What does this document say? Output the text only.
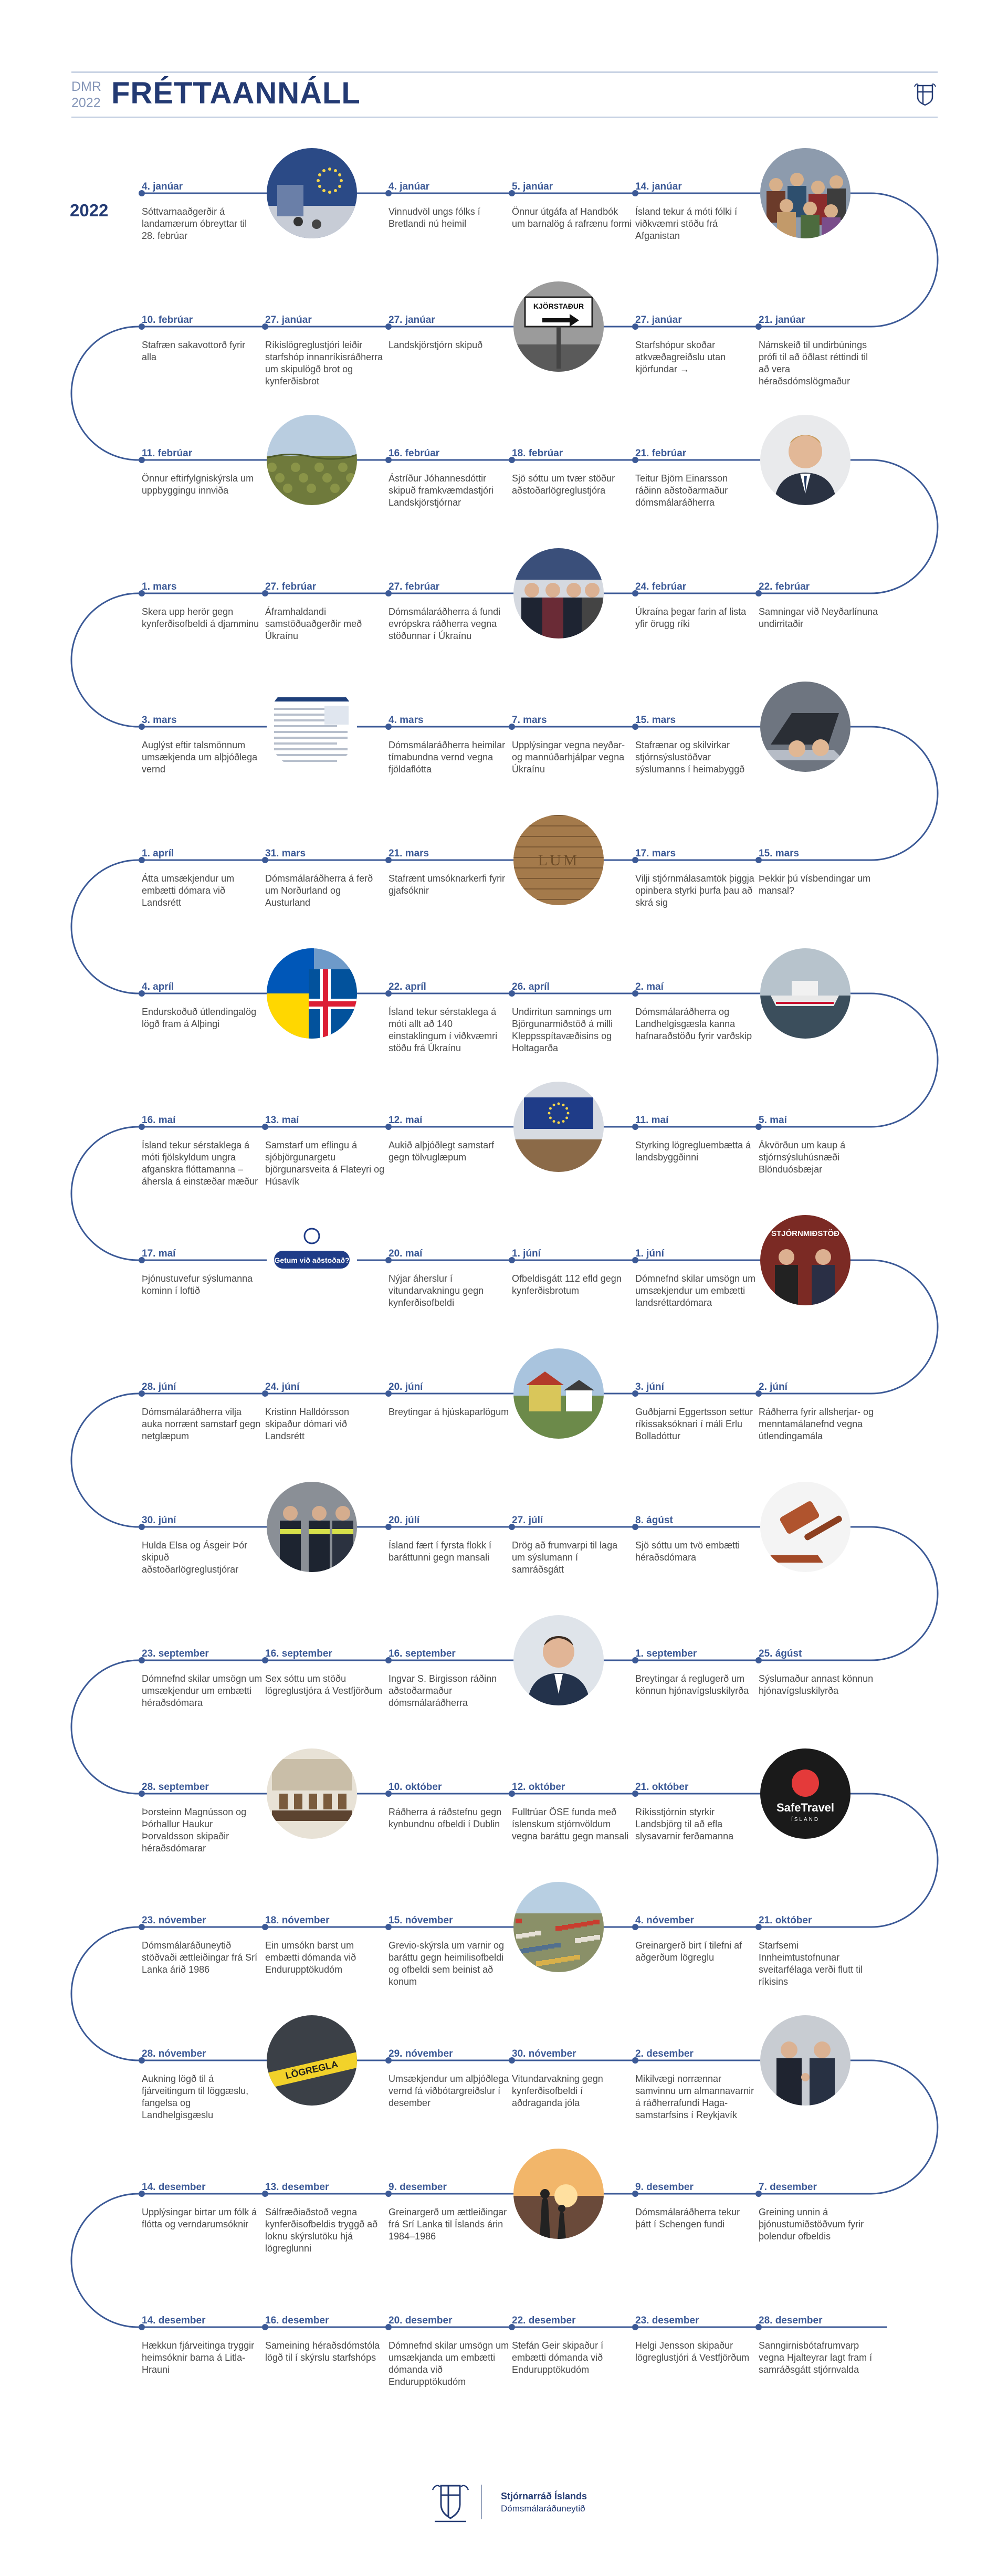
DMR
2022 FRÉTTAANNÁLL
2022
4. janúar
Sóttvarnaaðgerðir á landamærum óbreyttar til 28. febrúar
4. janúar
Vinnudvöl ungs fólks í Bretlandi nú heimil
5. janúar
Önnur útgáfa af Handbók um barnalög á rafrænu formi
14. janúar
Ísland tekur á móti fólki í viðkvæmri stöðu frá Afganistan
10. febrúar
Stafræn sakavottorð fyrir alla
27. janúar
Ríkislögreglustjóri leiðir starfshóp innanríkisráðherra um skipulögð brot og kynferðisbrot
27. janúar
Landskjörstjórn skipuð
KJÖRSTAÐUR
27. janúar
Starfshópur skoðar atkvæðagreiðslu utan kjörfundar →
21. janúar
Námskeið til undirbúnings prófi til að öðlast réttindi til að vera héraðsdómslögmaður
11. febrúar
Önnur eftirfylgniskýrsla um uppbyggingu innviða
16. febrúar
Ástríður Jóhannesdóttir skipuð framkvæmdastjóri Landskjörstjórnar
18. febrúar
Sjö sóttu um tvær stöður aðstoðarlögreglustjóra
21. febrúar
Teitur Björn Einarsson ráðinn aðstoðarmaður dómsmálaráðherra
1. mars
Skera upp herör gegn kynferðisofbeldi á djamminu
27. febrúar
Áframhaldandi samstöðuaðgerðir með Úkraínu
27. febrúar
Dómsmálaráðherra á fundi evrópskra ráðherra vegna stöðunnar í Úkraínu
24. febrúar
Úkraína þegar farin af lista yfir örugg ríki
22. febrúar
Samningar við Neyðarlínuna undirritaðir
3. mars
Auglýst eftir talsmönnum umsækjenda um alþjóðlega vernd
4. mars
Dómsmálaráðherra heimilar tímabundna vernd vegna fjöldaflótta
7. mars
Upplýsingar vegna neyðar- og mannúðarhjálpar vegna Úkraínu
15. mars
Stafrænar og skilvirkar stjórnsýslustöðvar sýslumanns í heimabyggð
1. apríl
Átta umsækjendur um embætti dómara við Landsrétt
31. mars
Dómsmálaráðherra á ferð um Norðurland og Austurland
21. mars
Stafrænt umsóknarkerfi fyrir gjafsóknir
LUM	17. mars
Vilji stjórnmálasamtök þiggja opinbera styrki þurfa þau að skrá sig
15. mars
Þekkir þú vísbendingar um mansal?
4. apríl
Endurskoðuð útlendingalög lögð fram á Alþingi
22. apríl
Ísland tekur sérstaklega á móti allt að 140 einstaklingum í viðkvæmri stöðu frá Úkraínu
26. apríl
Undirritun samnings um Björgunarmiðstöð á milli Kleppsspítavæðisins og Holtagarða
2. maí
Dómsmálaráðherra og Landhelgisgæsla kanna hafnaraðstöðu fyrir varðskip
16. maí
Ísland tekur sérstaklega á móti fjölskyldum ungra afganskra flóttamanna – áhersla á einstæðar mæður
13. maí
Samstarf um eflingu á sjóbjörgunargetu björgunarsveita á Flateyri og Húsavík
12. maí
Aukið alþjóðlegt samstarf gegn tölvuglæpum
11. maí
Styrking lögregluembætta á landsbyggðinni
5. maí
Ákvörðun um kaup á stjórnsýsluhúsnæði Blönduósbæjar
17. maí
Þjónustuvefur sýslumanna kominn í loftið
Getum við aðstoðað?
20. maí
Nýjar áherslur í vitundarvakningu gegn kynferðisofbeldi
1. júní
Ofbeldisgátt 112 efld gegn kynferðisbrotum
1. júní
Dómnefnd skilar umsögn um umsækjendur um embætti landsréttardómara
STJÓRNMIÐSTÖÐ
28. júní
Dómsmálaráðherra vilja auka norrænt samstarf gegn netglæpum
24. júní
Kristinn Halldórsson skipaður dómari við Landsrétt
20. júní
Breytingar á hjúskaparlögum
3. júní
Guðbjarni Eggertsson settur ríkissaksóknari í máli Erlu Bolladóttur
2. júní
Ráðherra fyrir allsherjar- og menntamálanefnd vegna útlendingamála
30. júní
Hulda Elsa og Ásgeir Þór skipuð aðstoðarlögreglustjórar
20. júlí
Ísland fært í fyrsta flokk í baráttunni gegn mansali
27. júlí
Drög að frumvarpi til laga um sýslumann í samráðsgátt
8. ágúst
Sjö sóttu um tvö embætti héraðsdómara
23. september
Dómnefnd skilar umsögn um umsækjendur um embætti héraðsdómara
16. september
Sex sóttu um stöðu lögreglustjóra á Vestfjörðum
16. september
Ingvar S. Birgisson ráðinn aðstoðarmaður dómsmálaráðherra
1. september
Breytingar á reglugerð um könnun hjónavígsluskilyrða
25. ágúst
Sýslumaður annast könnun hjónavígsluskilyrða
28. september
Þorsteinn Magnússon og Þórhallur Haukur Þorvaldsson skipaðir héraðsdómarar
10. október
Ráðherra á ráðstefnu gegn kynbundnu ofbeldi í Dublin
12. október
Fulltrúar ÖSE funda með íslenskum stjórnvöldum vegna baráttu gegn mansali
21. október
Ríkisstjórnin styrkir Landsbjörg til að efla slysavarnir ferðamanna
SafeTravel
ÍSLAND
23. nóvember
Dómsmálaráðuneytið stöðvaði ættleiðingar frá Srí Lanka árið 1986
18. nóvember
Ein umsókn barst um embætti dómanda við Endurupptökudóm
15. nóvember
Grevio-skýrsla um varnir og baráttu gegn heimilisofbeldi og ofbeldi sem beinist að konum
4. nóvember
Greinargerð birt í tilefni af aðgerðum lögreglu
21. október
Starfsemi Innheimtustofnunar sveitarfélaga verði flutt til ríkisins
28. nóvember
Aukning lögð til á fjárveitingum til löggæslu, fangelsa og Landhelgisgæslu
LÖGREGLA
29. nóvember
Umsækjendur um alþjóðlega vernd fá viðbótargreiðslur í desember
30. nóvember
Vitundarvakning gegn kynferðisofbeldi í aðdraganda jóla
2. desember
Mikilvægi norrænnar samvinnu um almannavarnir á ráðherrafundi Haga-samstarfsins í Reykjavík
14. desember
Upplýsingar birtar um fólk á flótta og verndarumsóknir
13. desember
Sálfræðiaðstoð vegna kynferðisofbeldis tryggð að loknu skýrslutöku hjá lögreglunni
9. desember
Greinargerð um ættleiðingar frá Srí Lanka til Íslands árin 1984–1986
9. desember
Dómsmálaráðherra tekur þátt í Schengen fundi
7. desember
Greining unnin á þjónustumiðstöðvum fyrir þolendur ofbeldis
14. desember
Hækkun fjárveitinga tryggir heimsóknir barna á Litla-Hrauni
16. desember
Sameining héraðsdómstóla lögð til í skýrslu starfshóps
20. desember
Dómnefnd skilar umsögn um umsækjanda um embætti dómanda við Endurupptökudóm
22. desember
Stefán Geir skipaður í embætti dómanda við Endurupptökudóm
23. desember
Helgi Jensson skipaður lögreglustjóri á Vestfjörðum
28. desember
Sanngirnisbótafrumvarp vegna Hjalteyrar lagt fram í samráðsgátt stjórnvalda
Stjórnarráð Íslands
Dómsmálaráðuneytið
